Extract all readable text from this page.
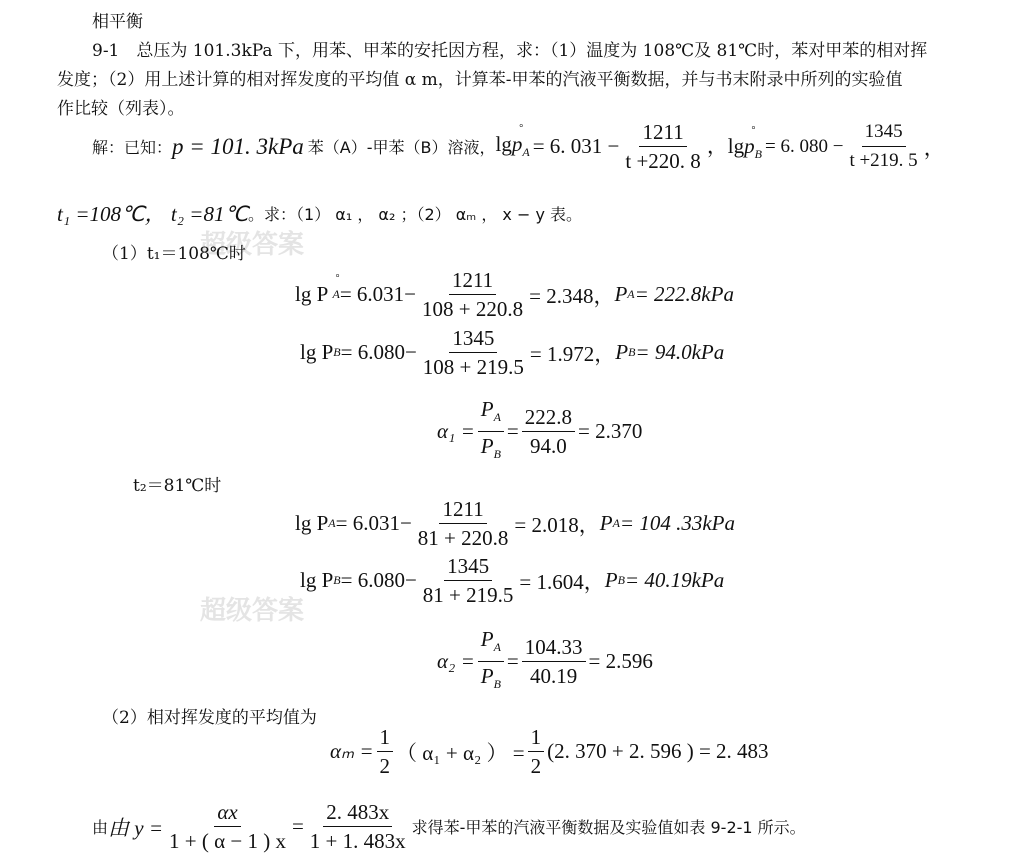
相平衡
9-1　总压为 101.3kPa 下，用苯、甲苯的安托因方程，求：（1）温度为 108℃及 81℃时，苯对甲苯的相对挥
发度；（2）用上述计算的相对挥发度的平均值 α m，计算苯-甲苯的汽液平衡数据，并与书末附录中所列的实验值
作比较（列表）。
解：已知： p = 101. 3kPa 苯（A）-甲苯（B）溶液， lgp
°
$_A$ = 6. $031 - \frac{1211}{t +220. 8}$ ，lgp
°
$_B$ = 6. $080 - \frac{1345}{t +219. 5}$ ，
t₁ =108℃， t₂ =81℃ 。求：（1） α₁ ， α₂ ；（2） αₘ ， x − y 表。
超级答案
超级答案
（1）t₁＝108℃时
lg P

°
$A = 6.031- \frac{1211}{108 + 220.8} = 2.348$， P A = 222.8kPa
lg P $B = 6.080- \frac{1345}{108 + 219.5} = 1.972$， P B = 94.0kPa
$\alpha_1 = \frac{P_A}{P_B} = \frac{222.8}{94.0} = 2.370$
t₂＝81℃时
lg P $A = 6.031- \frac{1211}{81 + 220.8} = 2.018$， P A = 104 .33kPa
lg P $B = 6.080- \frac{1345}{81 + 219.5} = 1.604$， P B = 40.19kPa
$\alpha_2 = \frac{P_A}{P_B} = \frac{104.33}{40.19} = 2.596$
（2）相对挥发度的平均值为
$\alpha_m = \frac{1}{2}$ （ α₁ + α₂ ） = $\frac{1}{2} (2$. 370 + 2. 596 ) = 2. 483
由 由 $y = \frac{\alpha x}{1 + ( \alpha - 1 ) x} = \frac{2. 483x}{1 + 1. 483x}$ 求得苯-甲苯的汽液平衡数据及实验值如表 9-2-1 所示。
